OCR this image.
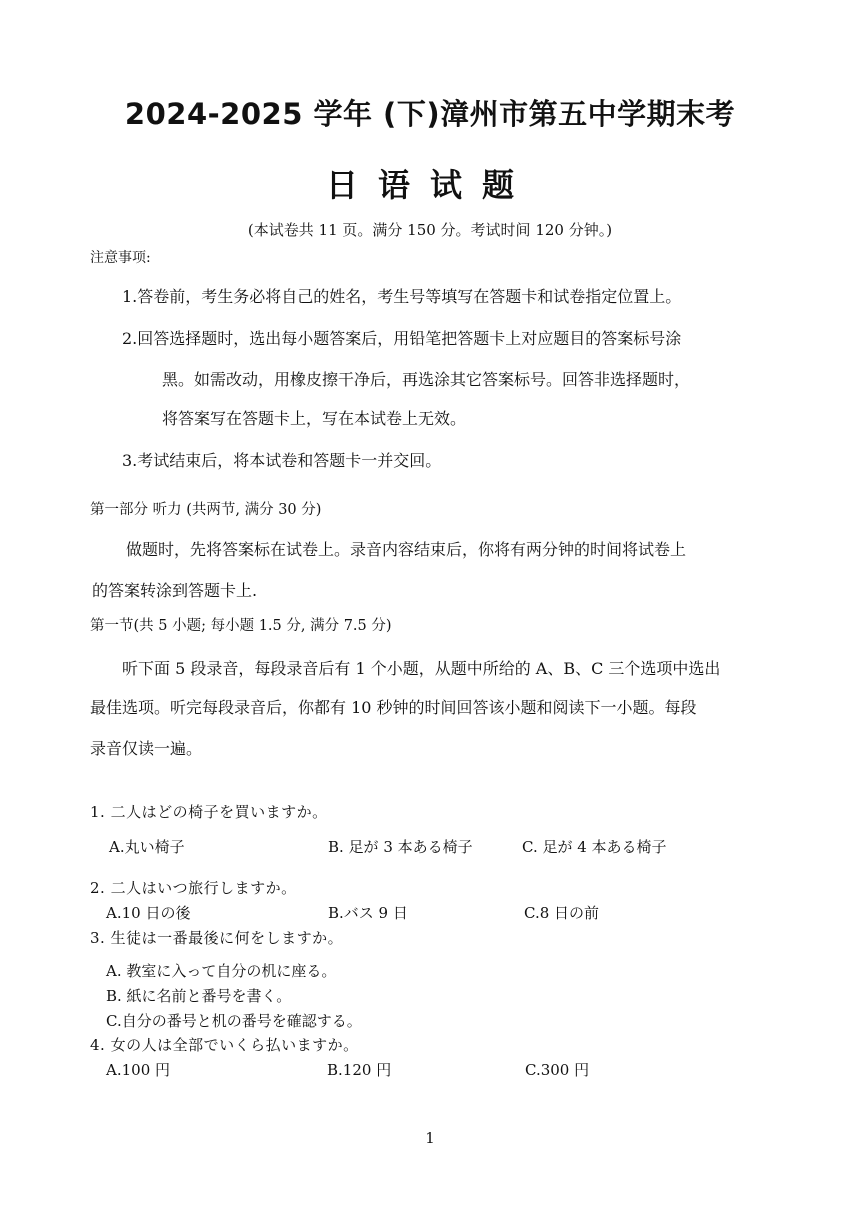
2024-2025 学年 (下)漳州市第五中学期末考
日语试题
(本试卷共 11 页。满分 150 分。考试时间 120 分钟。)
注意事项:
1.答卷前，考生务必将自己的姓名，考生号等填写在答题卡和试卷指定位置上。
2.回答选择题时，选出每小题答案后，用铅笔把答题卡上对应题目的答案标号涂
黑。如需改动，用橡皮擦干净后，再选涂其它答案标号。回答非选择题时，
将答案写在答题卡上，写在本试卷上无效。
3.考试结束后，将本试卷和答题卡一并交回。
第一部分 听力 (共两节, 满分 30 分)
做题时，先将答案标在试卷上。录音内容结束后，你将有两分钟的时间将试卷上
的答案转涂到答题卡上.
第一节(共 5 小题; 每小题 1.5 分, 满分 7.5 分)
听下面 5 段录音，每段录音后有 1 个小题，从题中所给的 A、B、C 三个选项中选出
最佳选项。听完每段录音后，你都有 10 秒钟的时间回答该小题和阅读下一小题。每段
录音仅读一遍。
1. 二人はどの椅子を買いますか。
A.丸い椅子	B. 足が 3 本ある椅子	C. 足が 4 本ある椅子
2. 二人はいつ旅行しますか。
A.10 日の後	B.バス 9 日	C.8 日の前
3. 生徒は一番最後に何をしますか。
A. 教室に入って自分の机に座る。
B. 紙に名前と番号を書く。
C.自分の番号と机の番号を確認する。
4. 女の人は全部でいくら払いますか。
A.100 円	B.120 円	C.300 円
1
